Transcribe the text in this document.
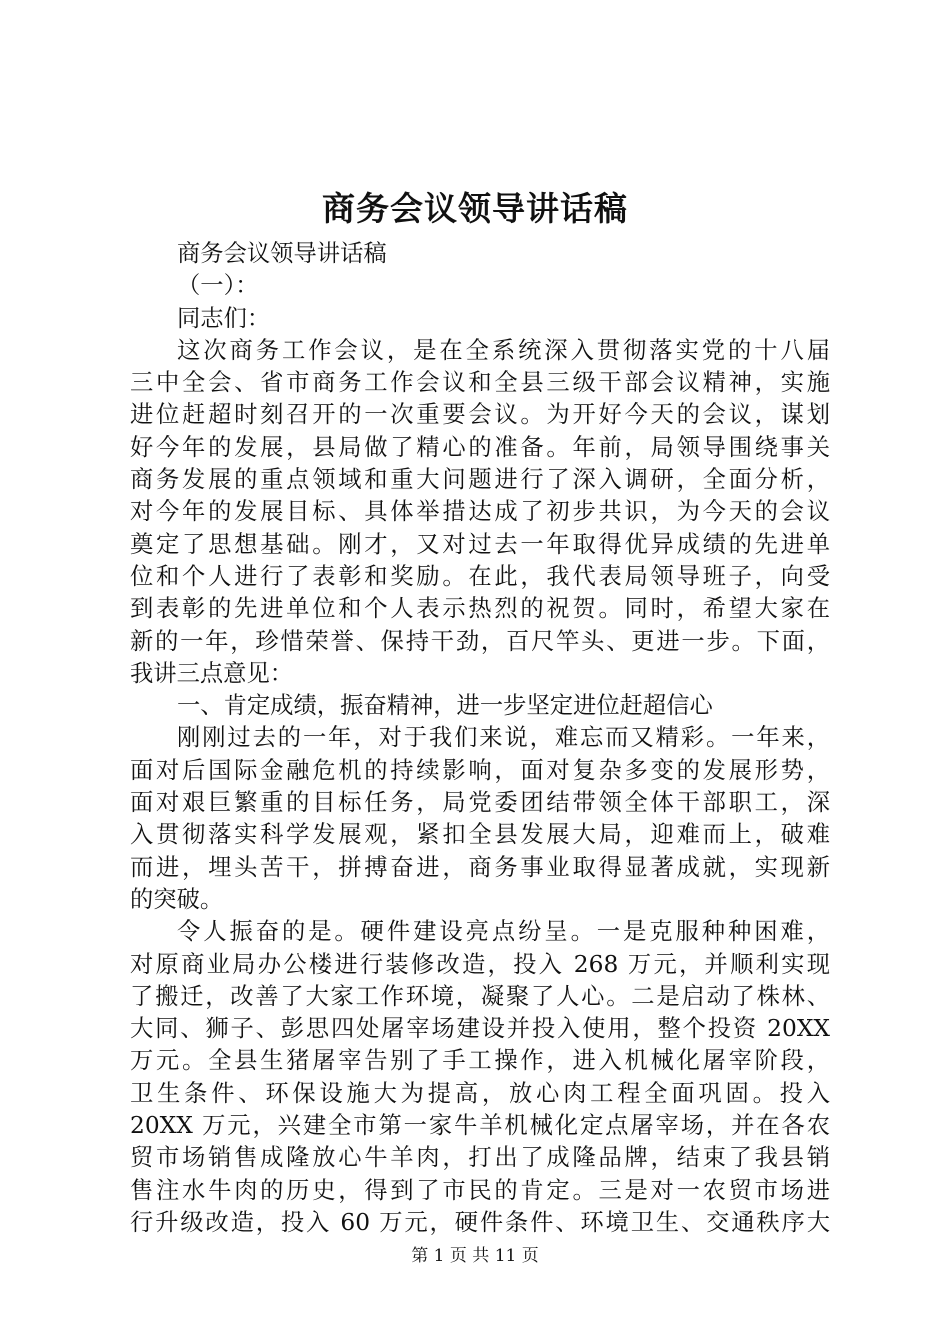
商务会议领导讲话稿
商务会议领导讲话稿
（一）：
同志们：
这次商务工作会议，是在全系统深入贯彻落实党的十八届
三中全会、省市商务工作会议和全县三级干部会议精神，实施
进位赶超时刻召开的一次重要会议。为开好今天的会议，谋划
好今年的发展，县局做了精心的准备。年前，局领导围绕事关
商务发展的重点领域和重大问题进行了深入调研，全面分析，
对今年的发展目标、具体举措达成了初步共识，为今天的会议
奠定了思想基础。刚才，又对过去一年取得优异成绩的先进单
位和个人进行了表彰和奖励。在此，我代表局领导班子，向受
到表彰的先进单位和个人表示热烈的祝贺。同时，希望大家在
新的一年，珍惜荣誉、保持干劲，百尺竿头、更进一步。下面，
我讲三点意见：
一、肯定成绩，振奋精神，进一步坚定进位赶超信心
刚刚过去的一年，对于我们来说，难忘而又精彩。一年来，
面对后国际金融危机的持续影响，面对复杂多变的发展形势，
面对艰巨繁重的目标任务，局党委团结带领全体干部职工，深
入贯彻落实科学发展观，紧扣全县发展大局，迎难而上，破难
而进，埋头苦干，拼搏奋进，商务事业取得显著成就，实现新
的突破。
令人振奋的是。硬件建设亮点纷呈。一是克服种种困难，
对原商业局办公楼进行装修改造，投入 268 万元，并顺利实现
了搬迁，改善了大家工作环境，凝聚了人心。二是启动了株林、
大同、狮子、彭思四处屠宰场建设并投入使用，整个投资 20XX
万元。全县生猪屠宰告别了手工操作，进入机械化屠宰阶段，
卫生条件、环保设施大为提高，放心肉工程全面巩固。投入
20XX 万元，兴建全市第一家牛羊机械化定点屠宰场，并在各农
贸市场销售成隆放心牛羊肉，打出了成隆品牌，结束了我县销
售注水牛肉的历史，得到了市民的肯定。三是对一农贸市场进
行升级改造，投入 60 万元，硬件条件、环境卫生、交通秩序大
第 1 页 共 11 页
